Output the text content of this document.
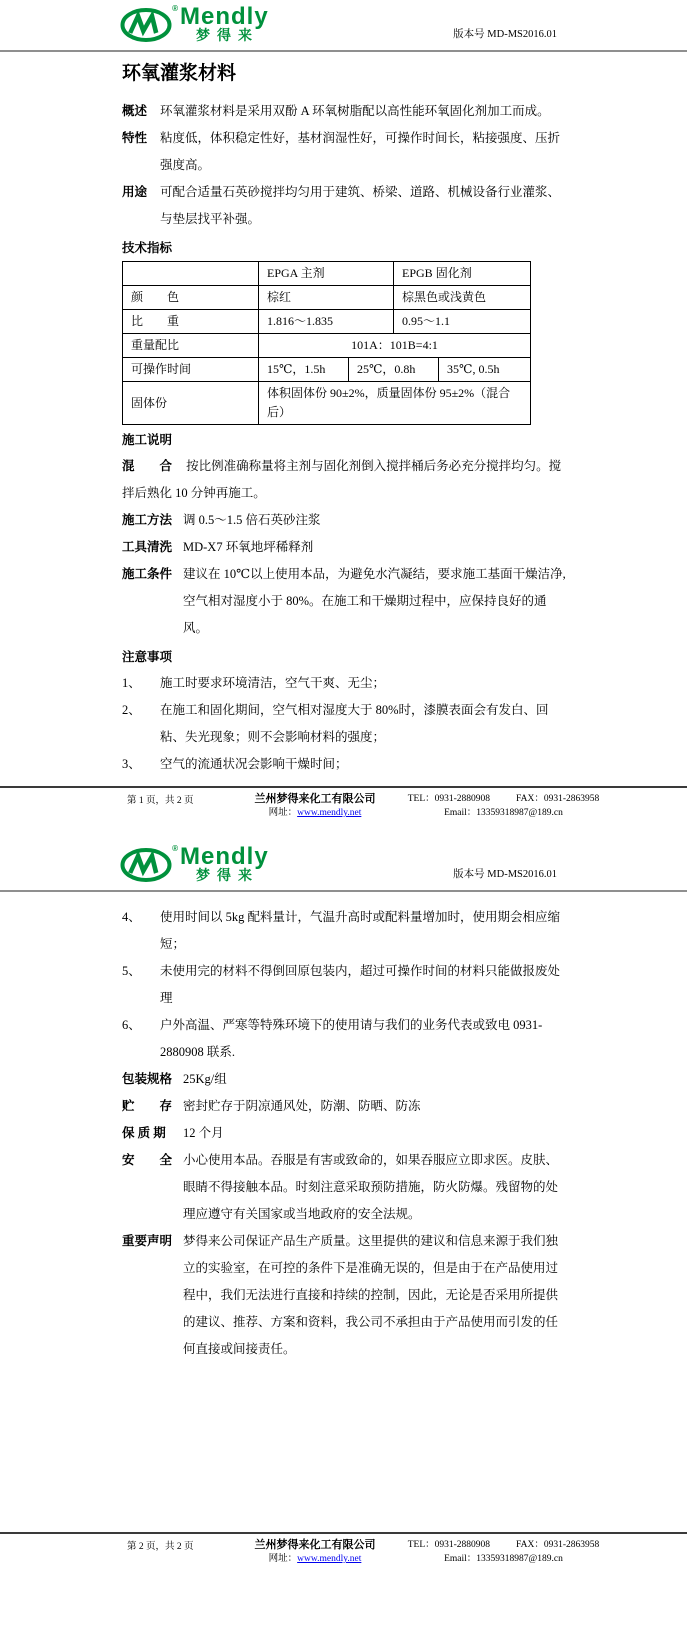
® Mendly
梦得来	版本号 MD-MS2016.01
环氧灌浆材料
概述	环氧灌浆材料是采用双酚 A 环氧树脂配以高性能环氧固化剂加工而成。
特性	粘度低，体积稳定性好，基材润湿性好，可操作时间长，粘接强度、压折强度高。
用途	可配合适量石英砂搅拌均匀用于建筑、桥梁、道路、机械设备行业灌浆、与垫层找平补强。
技术指标
	EPGA 主剂		EPGB 固化剂	
颜　　色	棕红		棕黑色或浅黄色	
比　　重	1.816～1.835		0.95～1.1	
重量配比	101A：101B=4:1			
可操作时间	15℃，1.5h	25℃，0.8h		35℃, 0.5h
固体份	体积固体份 90±2%，质量固体份 95±2%（混合后）			
施工说明

混　　合 按比例准确称量将主剂与固化剂倒入搅拌桶后务必充分搅拌均匀。搅拌后熟化 10 分钟再施工。

施工方法 调 0.5～1.5 倍石英砂注浆
工具清洗 MD-X7 环氧地坪稀释剂
施工条件 建议在 10℃以上使用本品，为避免水汽凝结，要求施工基面干燥洁净,空气相对湿度小于 80%。在施工和干燥期过程中，应保持良好的通风。
注意事项
1、	施工时要求环境清洁，空气干爽、无尘；
2、	在施工和固化期间，空气相对湿度大于 80%时，漆膜表面会有发白、回粘、失光现象；则不会影响材料的强度；
3、	空气的流通状况会影响干燥时间；
第 1 页，共 2 页	兰州梦得来化工有限公司
网址：www.mendly.net
TEL：0931-2880908	FAX：0931-2863958
Email：13359318987@189.cn
® Mendly
梦得来	版本号 MD-MS2016.01
4、	使用时间以 5kg 配料量计，气温升高时或配料量增加时，使用期会相应缩短；
5、	未使用完的材料不得倒回原包装内，超过可操作时间的材料只能做报废处理
6、	户外高温、严寒等特殊环境下的使用请与我们的业务代表或致电 0931-2880908 联系.
包装规格 25Kg/组
贮　　存 密封贮存于阴凉通风处，防潮、防晒、防冻
保 质 期	12 个月
安　　全 小心使用本品。吞服是有害或致命的，如果吞服应立即求医。皮肤、眼睛不得接触本品。时刻注意采取预防措施，防火防爆。残留物的处理应遵守有关国家或当地政府的安全法规。
重要声明 梦得来公司保证产品生产质量。这里提供的建议和信息来源于我们独立的实验室，在可控的条件下是准确无误的，但是由于在产品使用过程中，我们无法进行直接和持续的控制，因此，无论是否采用所提供的建议、推荐、方案和资料，我公司不承担由于产品使用而引发的任何直接或间接责任。
第 2 页，共 2 页	兰州梦得来化工有限公司
网址：www.mendly.net
TEL：0931-2880908	FAX：0931-2863958
Email：13359318987@189.cn
